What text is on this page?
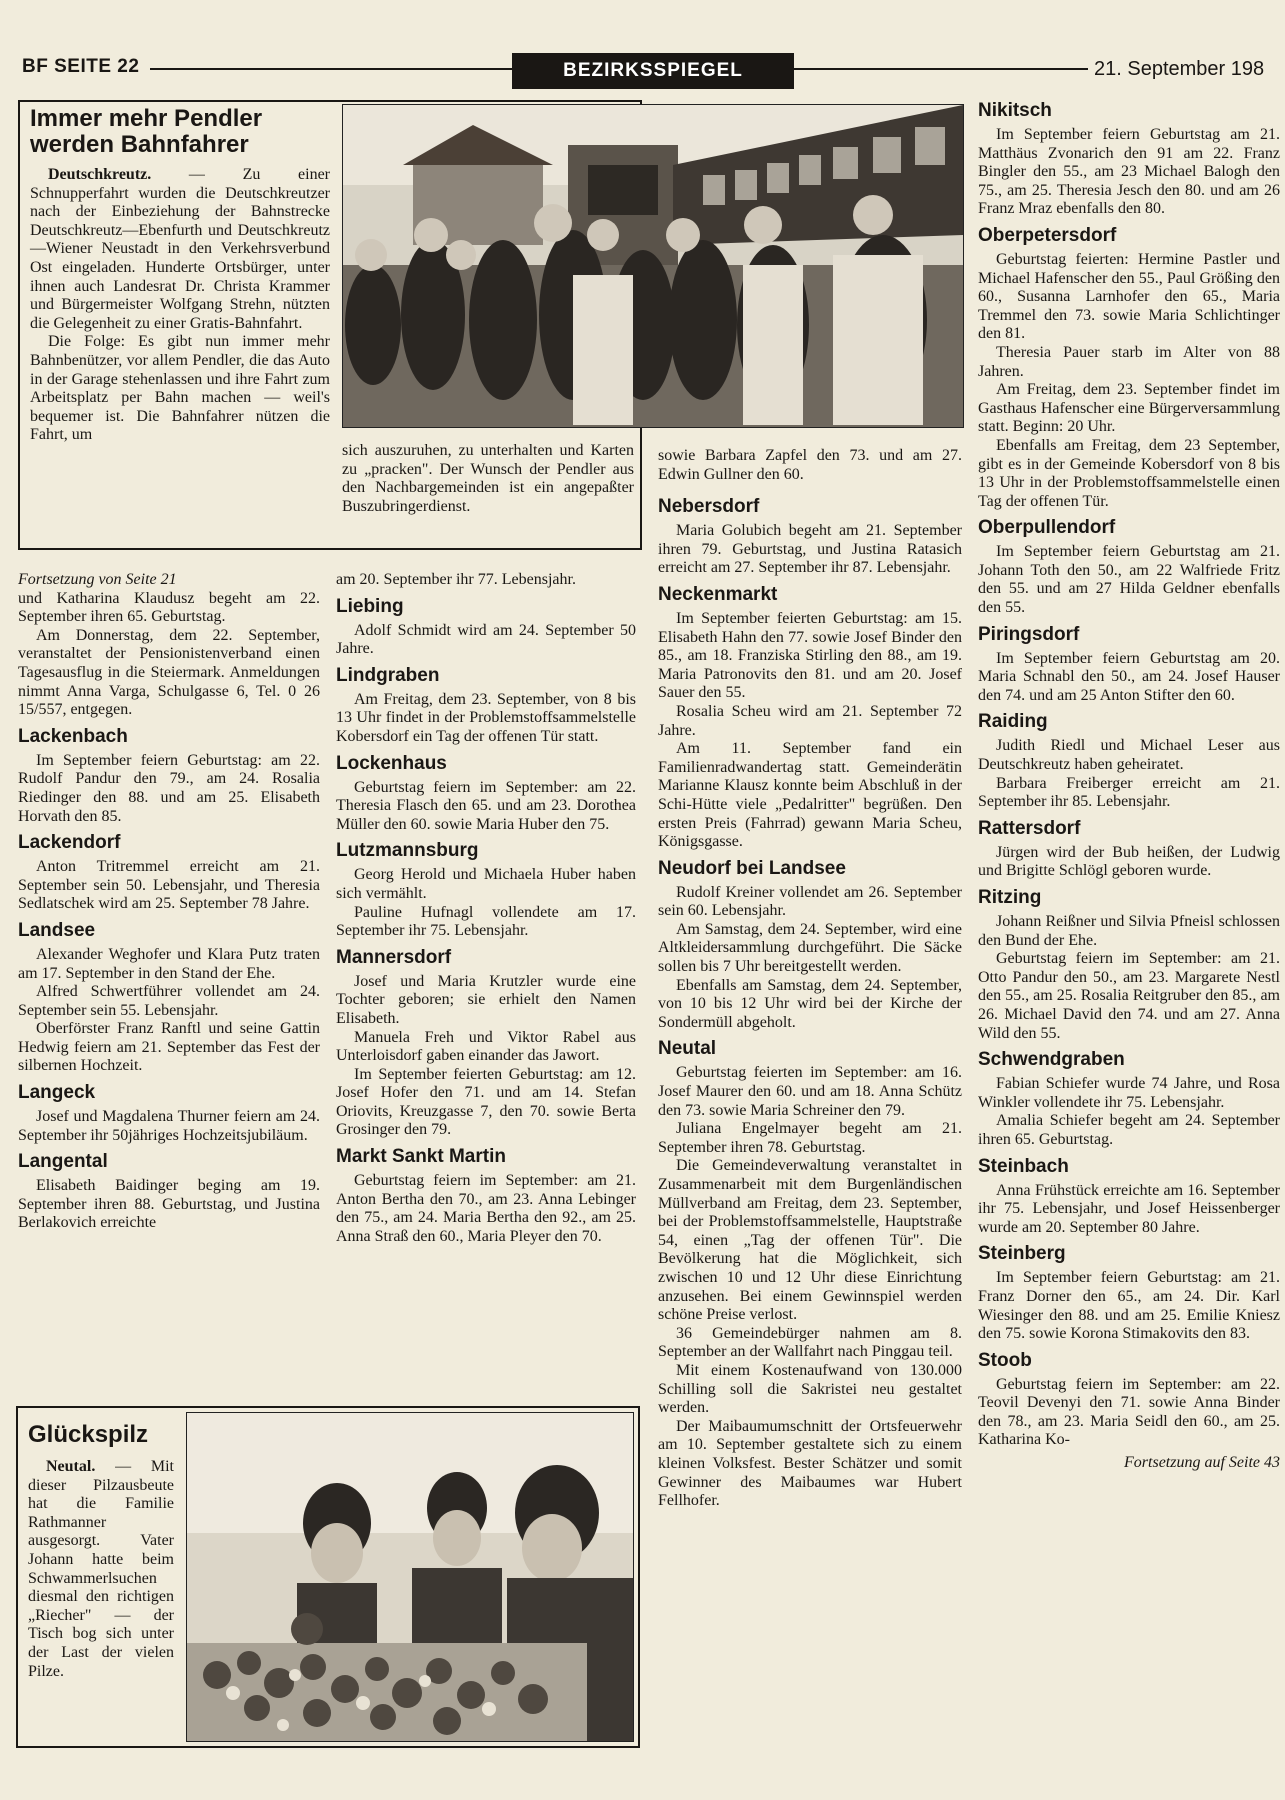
BF SEITE 22	BEZIRKSSPIEGEL	21. September 198
Immer mehr Pendler werden Bahnfahrer

Deutschkreutz. — Zu einer Schnupperfahrt wurden die Deutschkreutzer nach der Einbeziehung der Bahnstrecke Deutschkreutz—Ebenfurth und Deutschkreutz—Wiener Neustadt in den Verkehrsverbund Ost eingeladen. Hunderte Ortsbürger, unter ihnen auch Landesrat Dr. Christa Krammer und Bürgermeister Wolfgang Strehn, nützten die Gelegenheit zu einer Gratis-Bahnfahrt.

Die Folge: Es gibt nun immer mehr Bahnbenützer, vor allem Pendler, die das Auto in der Garage stehenlassen und ihre Fahrt zum Arbeitsplatz per Bahn machen — weil's bequemer ist. Die Bahnfahrer nützen die Fahrt, um

sich auszuruhen, zu unterhalten und Karten zu „pracken". Der Wunsch der Pendler aus den Nachbargemeinden ist ein angepaßter Buszubringerdienst.

Fortsetzung von Seite 21

und Katharina Klaudusz begeht am 22. September ihren 65. Geburtstag.

Am Donnerstag, dem 22. September, veranstaltet der Pensionistenverband einen Tagesausflug in die Steiermark. Anmeldungen nimmt Anna Varga, Schulgasse 6, Tel. 0 26 15/557, entgegen.

Lackenbach

Im September feiern Geburtstag: am 22. Rudolf Pandur den 79., am 24. Rosalia Riedinger den 88. und am 25. Elisabeth Horvath den 85.

Lackendorf

Anton Tritremmel erreicht am 21. September sein 50. Lebensjahr, und Theresia Sedlatschek wird am 25. September 78 Jahre.

Landsee

Alexander Weghofer und Klara Putz traten am 17. September in den Stand der Ehe.

Alfred Schwertführer vollendet am 24. September sein 55. Lebensjahr.

Oberförster Franz Ranftl und seine Gattin Hedwig feiern am 21. September das Fest der silbernen Hochzeit.

Langeck

Josef und Magdalena Thurner feiern am 24. September ihr 50jähriges Hochzeitsjubiläum.

Langental

Elisabeth Baidinger beging am 19. September ihren 88. Geburtstag, und Justina Berlakovich erreichte

am 20. September ihr 77. Lebensjahr.

Liebing

Adolf Schmidt wird am 24. September 50 Jahre.

Lindgraben

Am Freitag, dem 23. September, von 8 bis 13 Uhr findet in der Problemstoffsammelstelle Kobersdorf ein Tag der offenen Tür statt.

Lockenhaus

Geburtstag feiern im September: am 22. Theresia Flasch den 65. und am 23. Dorothea Müller den 60. sowie Maria Huber den 75.

Lutzmannsburg

Georg Herold und Michaela Huber haben sich vermählt.

Pauline Hufnagl vollendete am 17. September ihr 75. Lebensjahr.

Mannersdorf

Josef und Maria Krutzler wurde eine Tochter geboren; sie erhielt den Namen Elisabeth.

Manuela Freh und Viktor Rabel aus Unterloisdorf gaben einander das Jawort.

Im September feierten Geburtstag: am 12. Josef Hofer den 71. und am 14. Stefan Oriovits, Kreuzgasse 7, den 70. sowie Berta Grosinger den 79.

Markt Sankt Martin

Geburtstag feiern im September: am 21. Anton Bertha den 70., am 23. Anna Lebinger den 75., am 24. Maria Bertha den 92., am 25. Anna Straß den 60., Maria Pleyer den 70.

sowie Barbara Zapfel den 73. und am 27. Edwin Gullner den 60.

Nebersdorf

Maria Golubich begeht am 21. September ihren 79. Geburtstag, und Justina Ratasich erreicht am 27. September ihr 87. Lebensjahr.

Neckenmarkt

Im September feierten Geburtstag: am 15. Elisabeth Hahn den 77. sowie Josef Binder den 85., am 18. Franziska Stirling den 88., am 19. Maria Patronovits den 81. und am 20. Josef Sauer den 55.

Rosalia Scheu wird am 21. September 72 Jahre.

Am 11. September fand ein Familienradwandertag statt. Gemeinderätin Marianne Klausz konnte beim Abschluß in der Schi-Hütte viele „Pedalritter" begrüßen. Den ersten Preis (Fahrrad) gewann Maria Scheu, Königsgasse.

Neudorf bei Landsee

Rudolf Kreiner vollendet am 26. September sein 60. Lebensjahr.

Am Samstag, dem 24. September, wird eine Altkleidersammlung durchgeführt. Die Säcke sollen bis 7 Uhr bereitgestellt werden.

Ebenfalls am Samstag, dem 24. September, von 10 bis 12 Uhr wird bei der Kirche der Sondermüll abgeholt.

Neutal

Geburtstag feierten im September: am 16. Josef Maurer den 60. und am 18. Anna Schütz den 73. sowie Maria Schreiner den 79.

Juliana Engelmayer begeht am 21. September ihren 78. Geburtstag.

Die Gemeindeverwaltung veranstaltet in Zusammenarbeit mit dem Burgenländischen Müllverband am Freitag, dem 23. September, bei der Problemstoffsammelstelle, Hauptstraße 54, einen „Tag der offenen Tür". Die Bevölkerung hat die Möglichkeit, sich zwischen 10 und 12 Uhr diese Einrichtung anzusehen. Bei einem Gewinnspiel werden schöne Preise verlost.

36 Gemeindebürger nahmen am 8. September an der Wallfahrt nach Pinggau teil.

Mit einem Kostenaufwand von 130.000 Schilling soll die Sakristei neu gestaltet werden.

Der Maibaumumschnitt der Ortsfeuerwehr am 10. September gestaltete sich zu einem kleinen Volksfest. Bester Schätzer und somit Gewinner des Maibaumes war Hubert Fellhofer.

Nikitsch

Im September feiern Geburtstag am 21. Matthäus Zvonarich den 91 am 22. Franz Bingler den 55., am 23 Michael Balogh den 75., am 25. Theresia Jesch den 80. und am 26 Franz Mraz ebenfalls den 80.

Oberpetersdorf

Geburtstag feierten: Hermine Pastler und Michael Hafenscher den 55., Paul Größing den 60., Susanna Larnhofer den 65., Maria Tremmel den 73. sowie Maria Schlichtinger den 81.

Theresia Pauer starb im Alter von 88 Jahren.

Am Freitag, dem 23. September findet im Gasthaus Hafenscher eine Bürgerversammlung statt. Beginn: 20 Uhr.

Ebenfalls am Freitag, dem 23 September, gibt es in der Gemeinde Kobersdorf von 8 bis 13 Uhr in der Problemstoffsammelstelle einen Tag der offenen Tür.

Oberpullendorf

Im September feiern Geburtstag am 21. Johann Toth den 50., am 22 Walfriede Fritz den 55. und am 27 Hilda Geldner ebenfalls den 55.

Piringsdorf

Im September feiern Geburtstag am 20. Maria Schnabl den 50., am 24. Josef Hauser den 74. und am 25 Anton Stifter den 60.

Raiding

Judith Riedl und Michael Leser aus Deutschkreutz haben geheiratet.

Barbara Freiberger erreicht am 21. September ihr 85. Lebensjahr.

Rattersdorf

Jürgen wird der Bub heißen, der Ludwig und Brigitte Schlögl geboren wurde.

Ritzing

Johann Reißner und Silvia Pfneisl schlossen den Bund der Ehe.

Geburtstag feiern im September: am 21. Otto Pandur den 50., am 23. Margarete Nestl den 55., am 25. Rosalia Reitgruber den 85., am 26. Michael David den 74. und am 27. Anna Wild den 55.

Schwendgraben

Fabian Schiefer wurde 74 Jahre, und Rosa Winkler vollendete ihr 75. Lebensjahr.

Amalia Schiefer begeht am 24. September ihren 65. Geburtstag.

Steinbach

Anna Frühstück erreichte am 16. September ihr 75. Lebensjahr, und Josef Heissenberger wurde am 20. September 80 Jahre.

Steinberg

Im September feiern Geburtstag: am 21. Franz Dorner den 65., am 24. Dir. Karl Wiesinger den 88. und am 25. Emilie Kniesz den 75. sowie Korona Stimakovits den 83.

Stoob

Geburtstag feiern im September: am 22. Teovil Devenyi den 71. sowie Anna Binder den 78., am 23. Maria Seidl den 60., am 25. Katharina Ko-

Fortsetzung auf Seite 43

Glückspilz

Neutal. — Mit dieser Pilzausbeute hat die Familie Rathmanner ausgesorgt. Vater Johann hatte beim Schwammerlsuchen diesmal den richtigen „Riecher" — der Tisch bog sich unter der Last der vielen Pilze.
